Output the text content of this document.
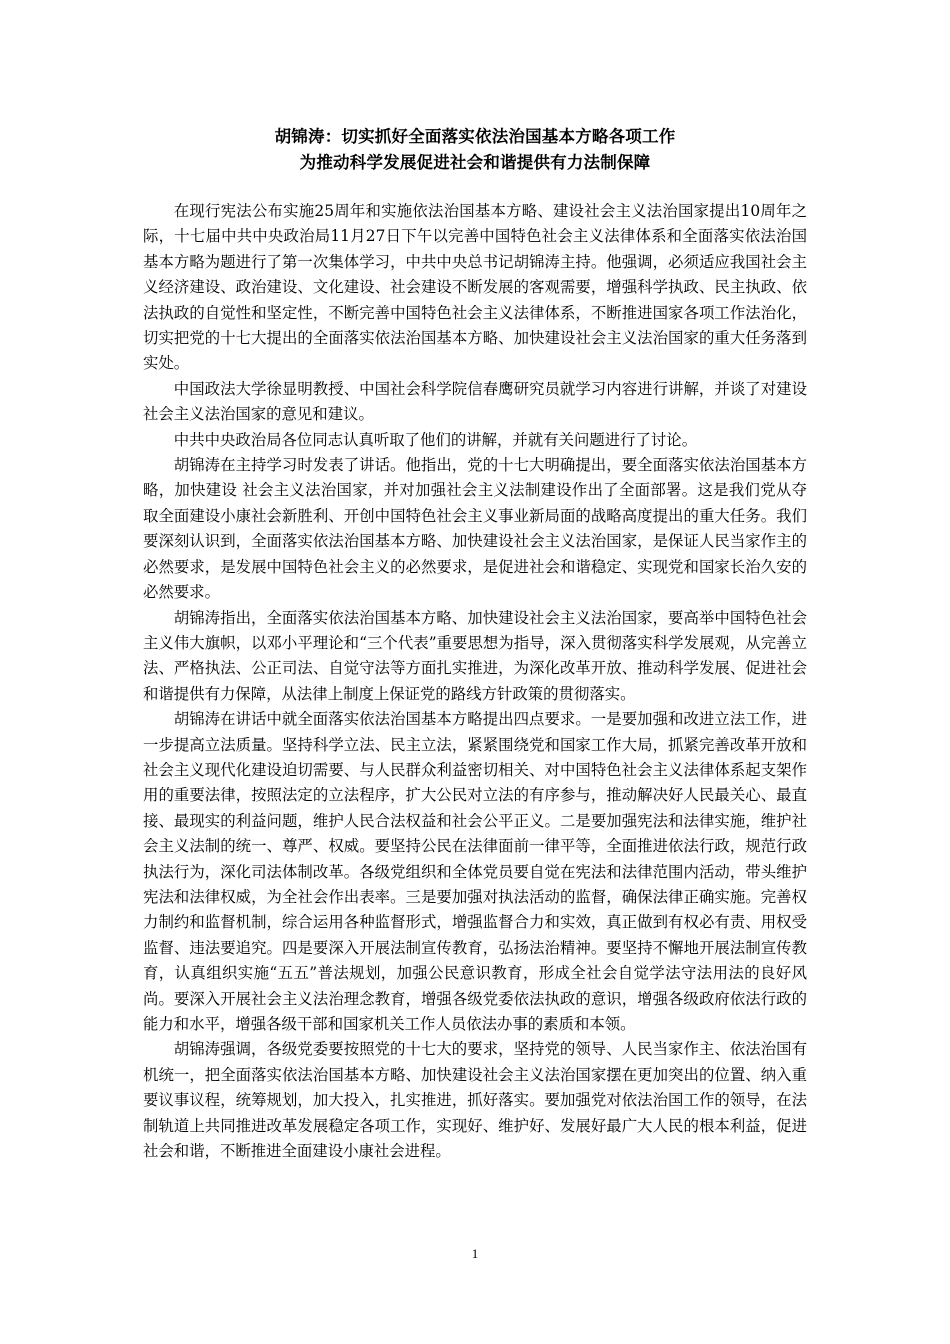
胡锦涛：切实抓好全面落实依法治国基本方略各项工作
为推动科学发展促进社会和谐提供有力法制保障

在现行宪法公布实施25周年和实施依法治国基本方略、建设社会主义法治国家提出10周年之际，十七届中共中央政治局11月27日下午以完善中国特色社会主义法律体系和全面落实依法治国基本方略为题进行了第一次集体学习，中共中央总书记胡锦涛主持。他强调，必须适应我国社会主义经济建设、政治建设、文化建设、社会建设不断发展的客观需要，增强科学执政、民主执政、依法执政的自觉性和坚定性，不断完善中国特色社会主义法律体系，不断推进国家各项工作法治化，切实把党的十七大提出的全面落实依法治国基本方略、加快建设社会主义法治国家的重大任务落到实处。

中国政法大学徐显明教授、中国社会科学院信春鹰研究员就学习内容进行讲解，并谈了对建设社会主义法治国家的意见和建议。

中共中央政治局各位同志认真听取了他们的讲解，并就有关问题进行了讨论。

胡锦涛在主持学习时发表了讲话。他指出，党的十七大明确提出，要全面落实依法治国基本方略，加快建设 社会主义法治国家，并对加强社会主义法制建设作出了全面部署。这是我们党从夺取全面建设小康社会新胜利、开创中国特色社会主义事业新局面的战略高度提出的重大任务。我们要深刻认识到，全面落实依法治国基本方略、加快建设社会主义法治国家，是保证人民当家作主的必然要求，是发展中国特色社会主义的必然要求，是促进社会和谐稳定、实现党和国家长治久安的必然要求。

胡锦涛指出，全面落实依法治国基本方略、加快建设社会主义法治国家，要高举中国特色社会主义伟大旗帜，以邓小平理论和“三个代表”重要思想为指导，深入贯彻落实科学发展观，从完善立法、严格执法、公正司法、自觉守法等方面扎实推进，为深化改革开放、推动科学发展、促进社会和谐提供有力保障，从法律上制度上保证党的路线方针政策的贯彻落实。

胡锦涛在讲话中就全面落实依法治国基本方略提出四点要求。一是要加强和改进立法工作，进一步提高立法质量。坚持科学立法、民主立法，紧紧围绕党和国家工作大局，抓紧完善改革开放和社会主义现代化建设迫切需要、与人民群众利益密切相关、对中国特色社会主义法律体系起支架作用的重要法律，按照法定的立法程序，扩大公民对立法的有序参与，推动解决好人民最关心、最直接、最现实的利益问题，维护人民合法权益和社会公平正义。二是要加强宪法和法律实施，维护社会主义法制的统一、尊严、权威。要坚持公民在法律面前一律平等，全面推进依法行政，规范行政执法行为，深化司法体制改革。各级党组织和全体党员要自觉在宪法和法律范围内活动，带头维护宪法和法律权威，为全社会作出表率。三是要加强对执法活动的监督，确保法律正确实施。完善权力制约和监督机制，综合运用各种监督形式，增强监督合力和实效，真正做到有权必有责、用权受监督、违法要追究。四是要深入开展法制宣传教育，弘扬法治精神。要坚持不懈地开展法制宣传教育，认真组织实施“五五”普法规划，加强公民意识教育，形成全社会自觉学法守法用法的良好风尚。要深入开展社会主义法治理念教育，增强各级党委依法执政的意识，增强各级政府依法行政的能力和水平，增强各级干部和国家机关工作人员依法办事的素质和本领。

胡锦涛强调，各级党委要按照党的十七大的要求，坚持党的领导、人民当家作主、依法治国有机统一，把全面落实依法治国基本方略、加快建设社会主义法治国家摆在更加突出的位置、纳入重要议事议程，统筹规划，加大投入，扎实推进，抓好落实。要加强党对依法治国工作的领导，在法制轨道上共同推进改革发展稳定各项工作，实现好、维护好、发展好最广大人民的根本利益，促进社会和谐，不断推进全面建设小康社会进程。

1
